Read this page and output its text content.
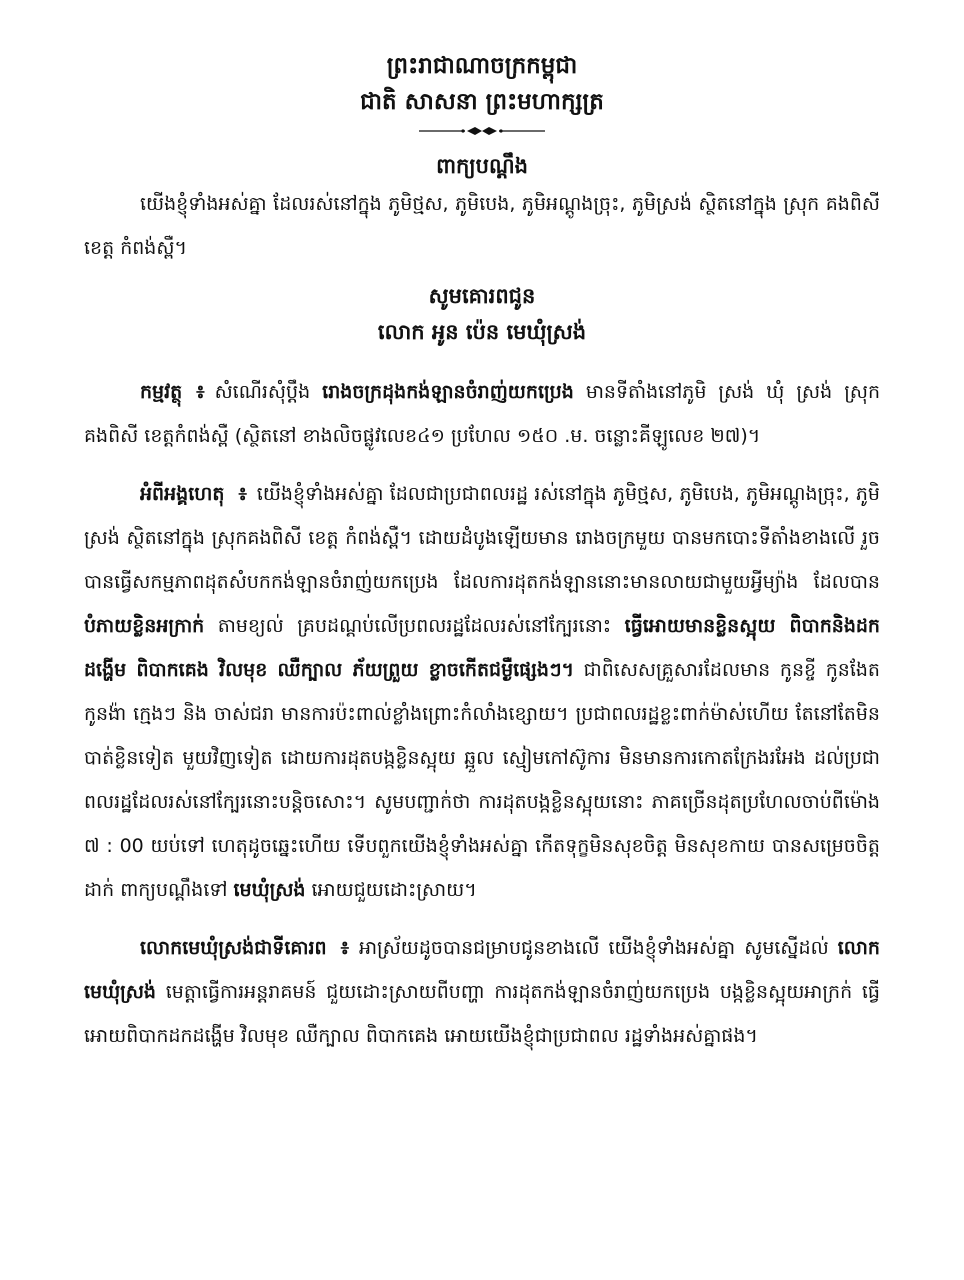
ព្រះរាជាណាចក្រកម្ពុជា
ជាតិ សាសនា ព្រះមហាក្សត្រ
ពាក្យបណ្ដឹង

យើងខ្ញុំទាំងអស់គ្នា ដែលរស់នៅក្នុង ភូមិថ្មស, ភូមិបេង, ភូមិអណ្តូងច្រុះ, ភូមិស្រង់ ស្ថិតនៅក្នុង ស្រុក គងពិសី ខេត្ត កំពង់ស្ពឺ។

សូមគោរពជូន
លោក អូន ប៉េន មេឃុំស្រង់

កម្មវត្ថុ ៖ សំណើរសុំប្តឹង រោងចក្រដុងកង់ឡានចំរាញ់យកប្រេង មានទីតាំងនៅភូមិ ស្រង់ ឃុំ ស្រង់ ស្រុក គងពិសី ខេត្តកំពង់ស្ពឺ (ស្ថិតនៅ ខាងលិចផ្លូវលេខ៤១ ប្រហែល ១៥០ .ម. ចន្លោះគីឡូលេខ ២៧)។

អំពីអង្គហេតុ ៖ យើងខ្ញុំទាំងអស់គ្នា ដែលជាប្រជាពលរដ្ឋ រស់នៅក្នុង ភូមិថ្មស, ភូមិបេង, ភូមិអណ្តូងច្រុះ, ភូមិស្រង់ ស្ថិតនៅក្នុង ស្រុកគងពិសី ខេត្ត កំពង់ស្ពឺ។ ដោយដំបូងឡើយមាន រោងចក្រមួយ បានមកបោះទីតាំងខាងលើ រួចបានធ្វើសកម្មភាពដុតសំបកកង់ឡានចំរាញ់យកប្រេង ដែលការដុតកង់ឡាននោះមានលាយជាមួយអ្វីម្យ៉ាង ដែលបានបំភាយខ្លិនអក្រាក់ តាមខ្យល់ គ្របដណ្តប់លើប្រពលរដ្ឋដែលរស់នៅក្បែរនោះ ធ្វើអោយមានខ្លិនស្អុយ ពិបាកនិងដកដង្ហើម ពិបាកគេង វិលមុខ ឈឺក្បាល ភ័យព្រួយ ខ្លាចកើតជម្ងឺផ្សេងៗ។ ជាពិសេសគ្រួសារដែលមាន កូនខ្ចី កូនងែត កូនង៉ា ក្មេងៗ និង ចាស់ជរា មានការប៉ះពាល់ខ្លាំងព្រោះកំលាំងខ្សោយ។ ប្រជាពលរដ្ឋខ្លះពាក់ម៉ាស់ហើយ តែនៅតែមិនបាត់ខ្លិនទៀត មួយវិញទៀត ដោយការដុតបង្កខ្លិនស្អុយ ឆ្អួល ស្មៀមកៅស៊ូការ មិនមានការកោតក្រែងរអែង ដល់ប្រជាពលរដ្ឋដែលរស់នៅក្បែរនោះបន្តិចសោះ។ សូមបញ្ជាក់ថា ការដុតបង្កខ្លិនស្អុយនោះ ភាគច្រើនដុតប្រហែលចាប់ពីម៉ោង ៧ : 00 យប់ទៅ ហេតុដូចឆ្នេះហើយ ទើបពួកយើងខ្ញុំទាំងអស់គ្នា កើតទុក្ខមិនសុខចិត្ត មិនសុខកាយ បានសម្រេចចិត្តដាក់ ពាក្យបណ្តឹងទៅ មេឃុំស្រង់ អោយជួយដោះស្រាយ។

លោកមេឃុំស្រង់ជាទីគោរព ៖ អាស្រ័យដូចបានជម្រាបជូនខាងលើ យើងខ្ញុំទាំងអស់គ្នា សូមស្នើដល់ លោកមេឃុំស្រង់ មេត្តាធ្វើការអន្តរាគមន៍ ជួយដោះស្រាយពីបញ្ហា ការដុតកង់ឡានចំរាញ់យកប្រេង បង្កខ្លិនស្អុយអាក្រក់ ធ្វើអោយពិបាកដកដង្ហើម វិលមុខ ឈឺក្បាល ពិបាកគេង អោយយើងខ្ញុំជាប្រជាពល រដ្ឋទាំងអស់គ្នាផង។
